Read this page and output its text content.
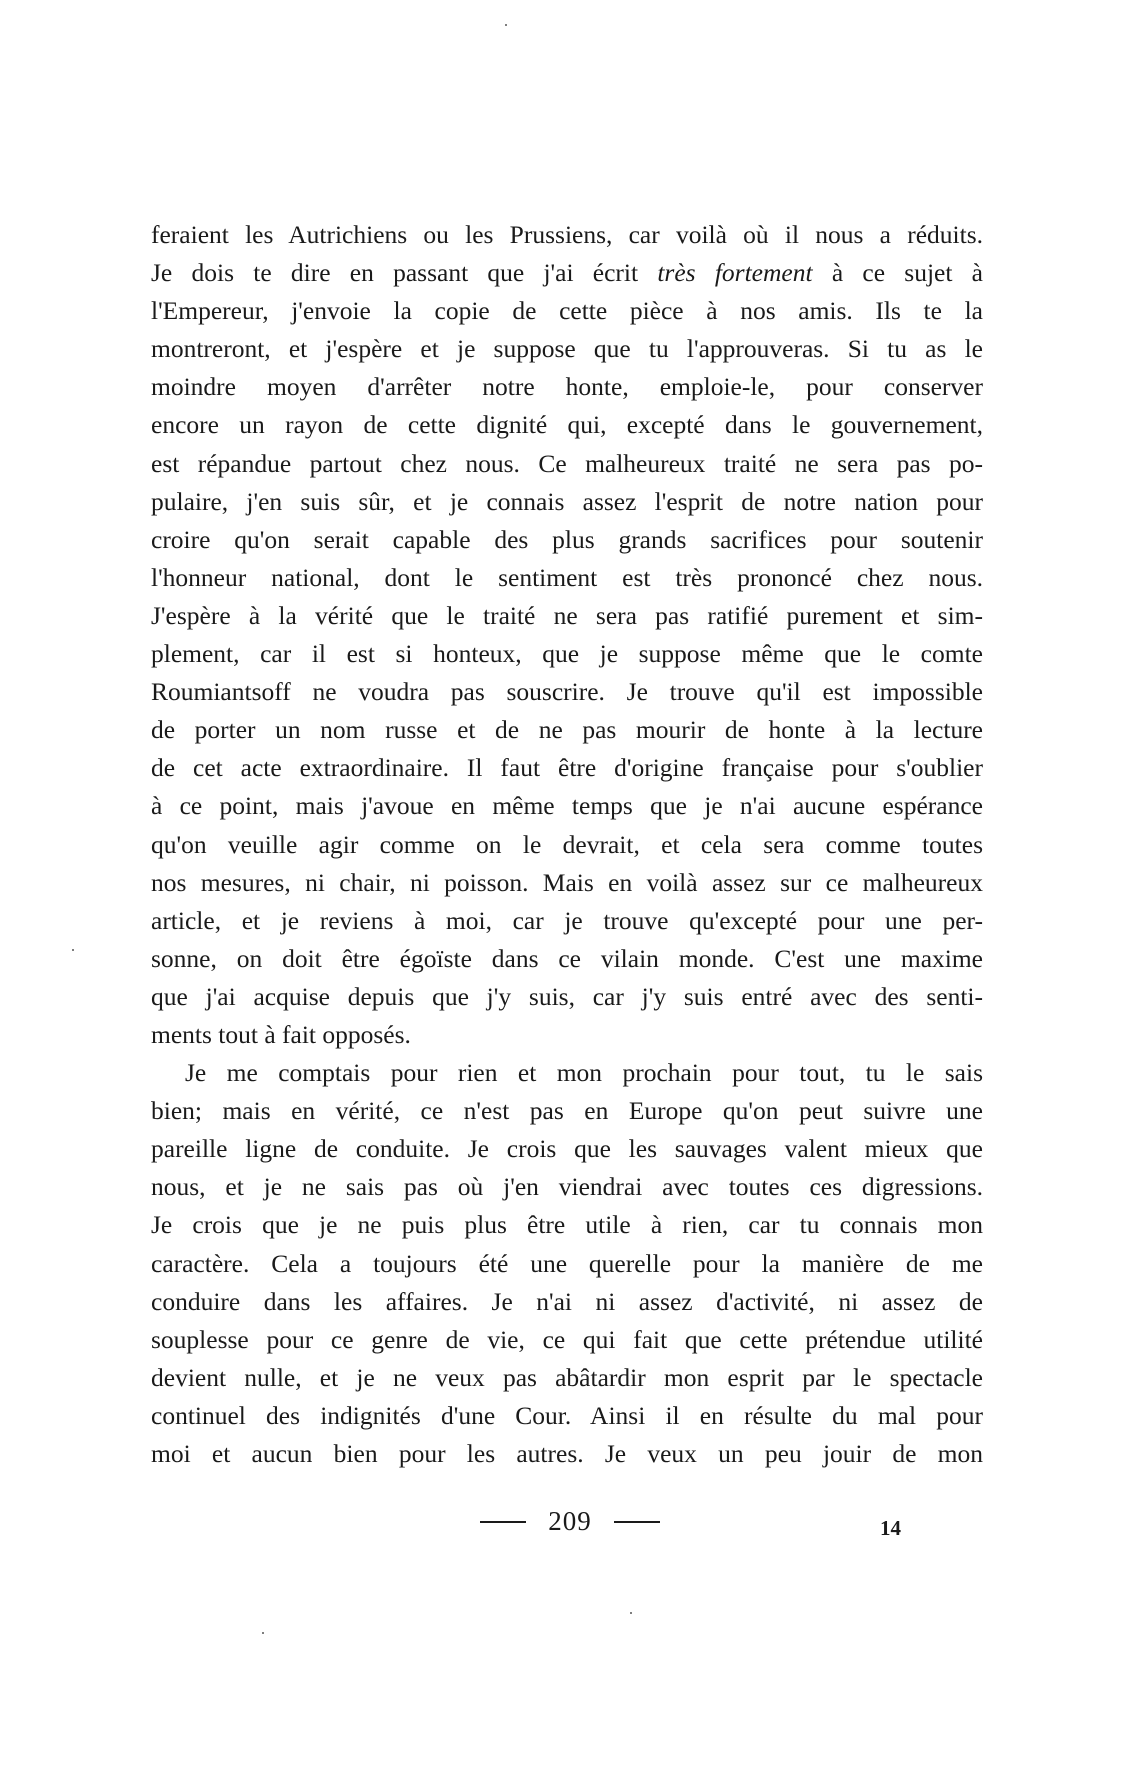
feraient les Autrichiens ou les Prussiens, car voilà où il nous a réduits.
Je dois te dire en passant que j'ai écrit très fortement à ce sujet à
l'Empereur, j'envoie la copie de cette pièce à nos amis. Ils te la
montreront, et j'espère et je suppose que tu l'approuveras. Si tu as le
moindre moyen d'arrêter notre honte, emploie-le, pour conserver
encore un rayon de cette dignité qui, excepté dans le gouvernement,
est répandue partout chez nous. Ce malheureux traité ne sera pas po-
pulaire, j'en suis sûr, et je connais assez l'esprit de notre nation pour
croire qu'on serait capable des plus grands sacrifices pour soutenir
l'honneur national, dont le sentiment est très prononcé chez nous.
J'espère à la vérité que le traité ne sera pas ratifié purement et sim-
plement, car il est si honteux, que je suppose même que le comte
Roumiantsoff ne voudra pas souscrire. Je trouve qu'il est impossible
de porter un nom russe et de ne pas mourir de honte à la lecture
de cet acte extraordinaire. Il faut être d'origine française pour s'oublier
à ce point, mais j'avoue en même temps que je n'ai aucune espérance
qu'on veuille agir comme on le devrait, et cela sera comme toutes
nos mesures, ni chair, ni poisson. Mais en voilà assez sur ce malheureux
article, et je reviens à moi, car je trouve qu'excepté pour une per-
sonne, on doit être égoïste dans ce vilain monde. C'est une maxime
que j'ai acquise depuis que j'y suis, car j'y suis entré avec des senti-
ments tout à fait opposés.
Je me comptais pour rien et mon prochain pour tout, tu le sais
bien; mais en vérité, ce n'est pas en Europe qu'on peut suivre une
pareille ligne de conduite. Je crois que les sauvages valent mieux que
nous, et je ne sais pas où j'en viendrai avec toutes ces digressions.
Je crois que je ne puis plus être utile à rien, car tu connais mon
caractère. Cela a toujours été une querelle pour la manière de me
conduire dans les affaires. Je n'ai ni assez d'activité, ni assez de
souplesse pour ce genre de vie, ce qui fait que cette prétendue utilité
devient nulle, et je ne veux pas abâtardir mon esprit par le spectacle
continuel des indignités d'une Cour. Ainsi il en résulte du mal pour
moi et aucun bien pour les autres. Je veux un peu jouir de mon
209	14
